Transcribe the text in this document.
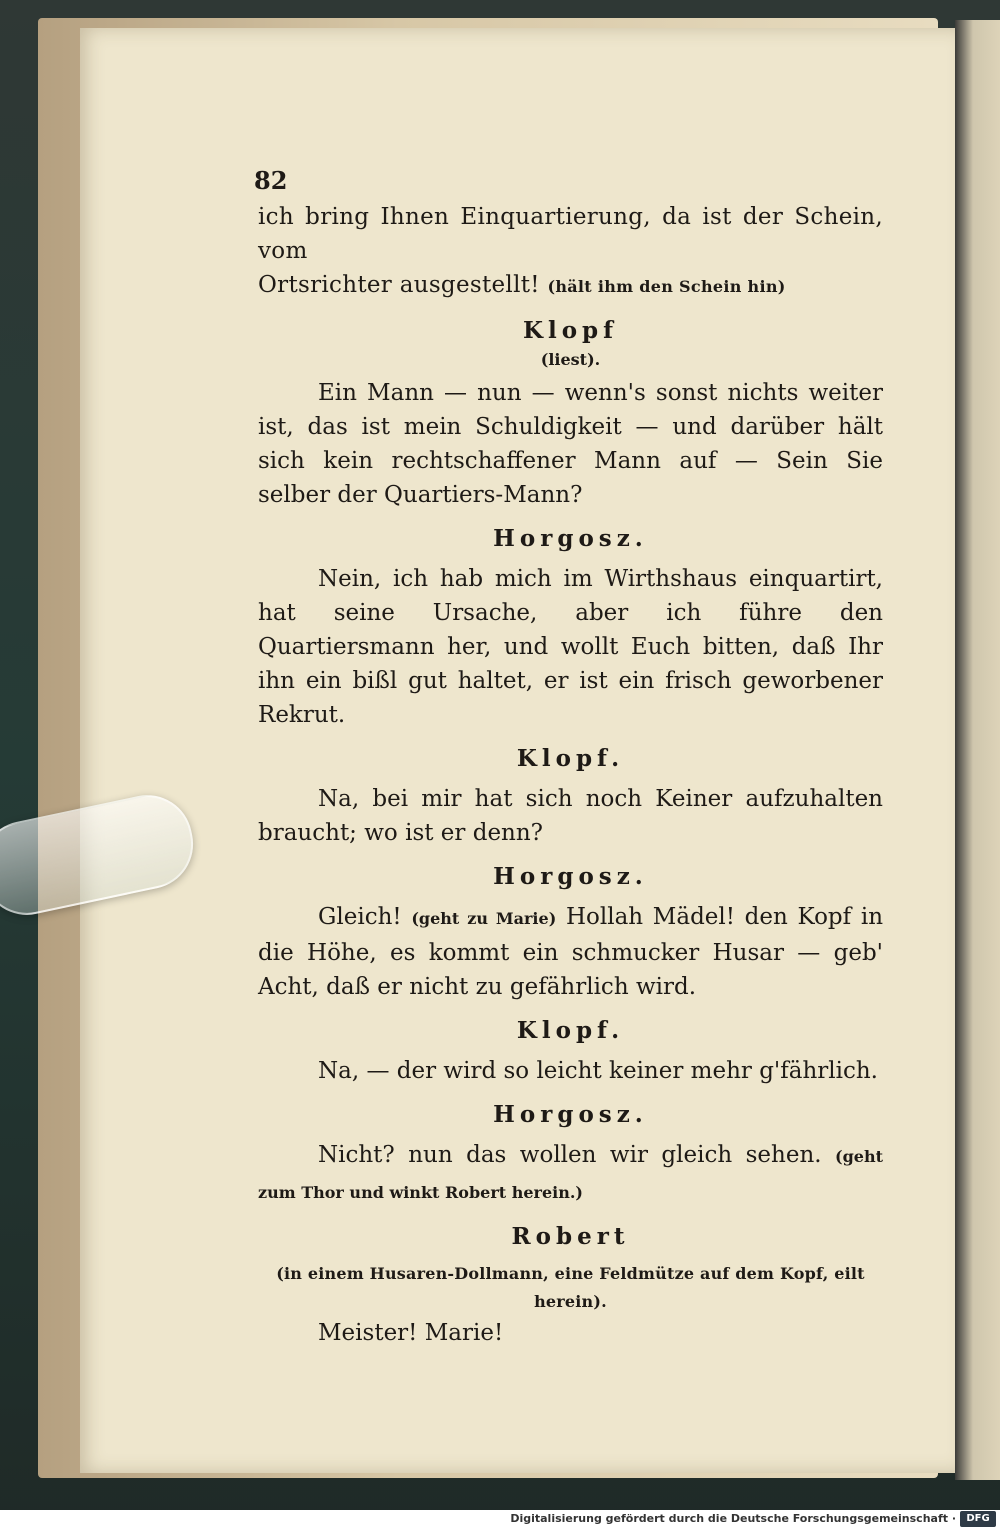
82

ich bring Ihnen Einquartierung, da ist der Schein, vom

Ortsrichter ausgestellt! (hält ihm den Schein hin)

Klopf
(liest).

Ein Mann — nun — wenn's sonst nichts weiter ist, das ist mein Schuldigkeit — und darüber hält sich kein rechtschaffener Mann auf — Sein Sie selber der Quartiers-Mann?

Horgosz.

Nein, ich hab mich im Wirthshaus einquartirt, hat seine Ursache, aber ich führe den Quartiersmann her, und wollt Euch bitten, daß Ihr ihn ein bißl gut haltet, er ist ein frisch geworbener Rekrut.

Klopf.

Na, bei mir hat sich noch Keiner aufzuhalten braucht; wo ist er denn?

Horgosz.

Gleich! (geht zu Marie) Hollah Mädel! den Kopf in die Höhe, es kommt ein schmucker Husar — geb' Acht, daß er nicht zu gefährlich wird.

Klopf.

Na, — der wird so leicht keiner mehr g'fährlich.

Horgosz.

Nicht? nun das wollen wir gleich sehen. (geht zum Thor und winkt Robert herein.)

Robert
(in einem Husaren-Dollmann, eine Feldmütze auf dem Kopf, eilt herein).

Meister! Marie!

Digitalisierung gefördert durch die Deutsche Forschungsgemeinschaft ·	DFG
